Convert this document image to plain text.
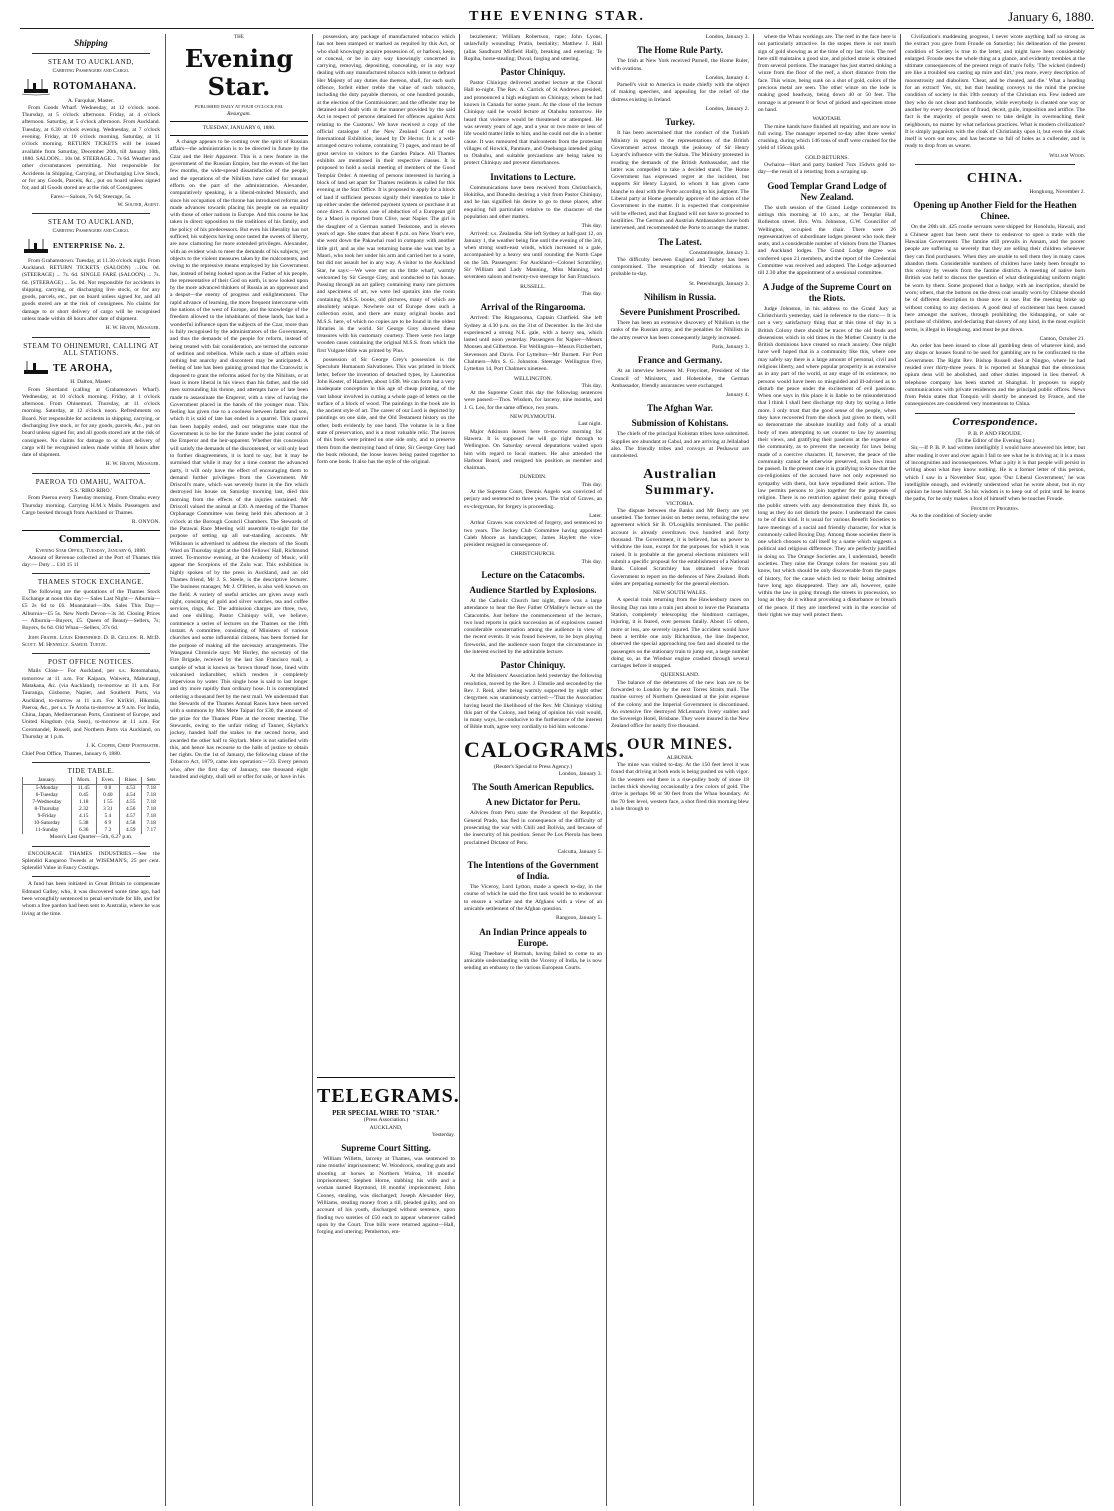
THE EVENING STAR.	January 6, 1880.
Shipping
STEAM TO AUCKLAND,
Carrying Passengers and Cargo.
ROTOMAHANA.
A. Farquhar, Master.

From Goods Wharf. Wednesday, at 12 o'clock noon. Thursday, at 5 o'clock afternoon. Friday, at 4 o'clock afternoon. Saturday, at 5 o'clock afternoon. From Auckland. Tuesday, at 6.30 o'clock evening. Wednesday, at 7 o'clock evening. Friday, at 10 o'clock morning. Saturday, at 11 o'clock morning. RETURN TICKETS will be issued available from Saturday, December 20th, till January 10th, 1880. SALOON... 10s 0d. STEERAGE... 7s 6d. Weather and other circumstances permitting. Not responsible for Accidents in Shipping, Carrying, or Discharging Live Stock, or for any Goods, Parcels, &c., put on board unless signed for, and all Goods stored are at the risk of Consignees.

Fares:—Saloon, 7s 6d; Steerage, 5s.
W. Souter, Agent.
STEAM TO AUCKLAND,
Carrying Passengers and Cargo.
ENTERPRISE No. 2.

From Grahamstown. Tuesday, at 11.30 o'clock night. From Auckland. RETURN TICKETS (SALOON) ...10s. 0d. (STEERAGE) ... 7s. 6d. SINGLE FARE (SALOON) ... 7s. 6d. (STEERAGE) ... 5s. 0d. Not responsible for accidents in shipping, carrying, or discharging live stock, or for any goods, parcels, etc., put on board unless signed for, and all goods stored are at the risk of consignees. No claims for damage to or short delivery of cargo will be recognised unless made within 48 hours after date of shipment.

H. W. Heath, Manager.
STEAM TO OHINEMURI, CALLING AT ALL STATIONS.
TE AROHA,
H. Dalton, Master.

From Shortland (calling at Grahamstown Wharf). Wednesday, at 10 o'clock morning. Friday, at 1 o'clock afternoon. From Ohinemuri. Thursday, at 11 o'clock morning. Saturday, at 12 o'clock noon. Refreshments on Board. Not responsible for accidents in shipping, carrying, or discharging live stock, or for any goods, parcels, &c., put on board unless signed for, and all goods stored are at the risk of consignees. No claims for damage to or short delivery of cargo will be recognised unless made within 48 hours after date of shipment.

H. W. Heath, Manager.
PAEROA TO OMAHU, WAITOA.
S.S. 'RIRO RIRO.'

From Paeroa every Tuesday morning. From Omahu every Thursday morning. Carrying H.M.'s Mails. Passengers and Cargo booked through from Auckland or Thames.

R. ONYON.
Commercial.
Evening Star Office, Tuesday, January 6, 1880.

Amount of Revenue collected at the Port of Thames this day:— Duty ... £10 15 11

THAMES STOCK EXCHANGE.

The following are the quotations of the Thames Stock Exchange at noon this day:— Sales Last Night— Alburnia—£5 2s 6d to £6. Moanataiari—30s. Sales This Day— Alburnia—£5 5s. New North Devon—3s 3d. Closing Prices— Alburnia—Buyers, £5. Queen of Beauty—Sellers, 7s; Buyers, 6s 6d. Old Whau—Sellers, 37s 6d.

John Frater. Louis Ehrenfried. D. B. Gellion. R. McD. Scott. M. Hennelly. Samuel Tuetze.

POST OFFICE NOTICES.

Mails Close— For Auckland, per s.s. Rotomahana, tomorrow at 11 a.m. For Kaipara, Waiwera, Mahurangi, Matakana, &c. (via Auckland), to-morrow at 11 a.m. For Tauranga, Gisborne, Napier, and Southern Ports, via Auckland, to-morrow at 11 a.m. For Kirikiri, Hikutaia, Paeroa, &c., per s.s. Te Aroha to-morrow at 9 a.m. For India, China, Japan, Mediterranean Ports, Continent of Europe, and United Kingdom (via Suez), to-morrow at 11 a.m. For Coromandel, Russell, and Northern Ports via Auckland, on Thursday at 1 p.m.

J. K. Cooper, Chief Postmaster.
Chief Post Office, Thames, January 6, 1880.
TIDE TABLE.
January.	Morn.	Even.	Rises	Sets
5-Monday	11.45	0 8	4.53	7.18
6-Tuesday	0.45	0 40	4.54	7.18
7-Wednesday	1.18	1 55	4.55	7.18
8-Thursday	2.32	3 31	4.56	7.18
9-Friday	4.15	5 4	4.57	7.18
10-Saturday	5.38	6 9	4.58	7.18
11-Sunday	6.36	7 2	4.59	7.17
Moon's Last Quarter—5th, 6.27 p.m.

ENCOURAGE THAMES INDUSTRIES.—See the Splendid Kangaroo Tweeds at WISEMAN'S, 25 per cent. Splendid Value in Fancy Costings.

A fund has been initiated in Great Britain to compensate Edmund Galley, who, it was discovered some time ago, had been wrongfully sentenced to penal servitude for life, and for whom a free pardon had been sent to Australia, where he was living at the time.

THE
Evening Star.
PUBLISHED DAILY AT FOUR O'CLOCK P.M.
Resurgam.
TUESDAY, JANUARY 6, 1880.

A change appears to be coming over the spirit of Russian affairs—the administration is to be directed in future by the Czar and the Heir Apparent. This is a new feature in the government of the Russian Empire, but the events of the last few months, the wide-spread dissatisfaction of the people, and the operations of the Nihilists have called for unusual efforts on the part of the administration. Alexander, comparatively speaking, is a liberal-minded Monarch, and since his occupation of the throne has introduced reforms and made advances towards placing his people on an equality with those of other nations in Europe. And this course he has taken in direct opposition to the traditions of his family, and the policy of his predecessors. But even his liberality has not sufficed; his subjects having once tasted the sweets of liberty, are now clamoring for more extended privileges. Alexander, with an evident wish to meet the demands of his subjects, yet objects to the violent measures taken by the malcontents, and owing to the repressive means employed by his Government has, instead of being looked upon as the Father of his people, the representative of their God on earth, is now looked upon by the more advanced thinkers of Russia as an oppressor and a despot—the enemy of progress and enlightenment. The rapid advance of learning, the more frequent intercourse with the nations of the west of Europe, and the knowledge of the freedom allowed to the inhabitants of these lands, has had a wonderful influence upon the subjects of the Czar, more than is fully recognised by the administrators of the Government, and thus the demands of the people for reform, instead of being treated with fair consideration, are termed the outcome of sedition and rebellion. While such a state of affairs exist nothing but anarchy and discontent may be anticipated. A feeling of late has been gaining ground that the Czarowitz is disposed to grant the reforms asked for by the Nihilists, or at least is more liberal in his views than his father, and the old men surrounding his throne, and attempts have of late been made to assassinate the Emperor, with a view of having the Government placed in the hands of the younger man. This feeling has given rise to a coolness between father and son, which it is said of late has ended in a quarrel. This quarrel has been happily ended, and our telegrams state that the Government is to be for the future under the joint control of the Emperor and the heir-apparent. Whether this concession will satisfy the demands of the discontented, or will only lead to further disagreements, it is hard to say, but it may be surmised that while it may for a time content the advanced party, it will only have the effect of encouraging them to demand further privileges from the Government. Mr Driscoll's mare, which was severely burnt in the fire which destroyed his house on Saturday morning last, died this morning from the effects of the injuries sustained. Mr Driscoll valued the animal at £30. A meeting of the Thames Orphanage Committee was being held this afternoon at 3 o'clock at the Borough Council Chambers. The Stewards of the Parawai Race Meeting will assemble to-night for the purpose of setting up all out-standing accounts. Mr Wilkinson is advertised to address the electors of the South Ward on Thursday night at the Odd Fellows' Hall, Richmond street. To-morrow evening, at the Academy of Music, will appear the Scorpions of the Zulu war. This exhibition is highly spoken of by the press in Auckland, and an old Thames friend, Mr J. S. Steele, is the descriptive lecturer. The business manager, Mr J. O'Brien, is also well known on the field. A variety of useful articles are given away each night, consisting of gold and silver watches, tea and coffee services, rings, &c. The admission charges are three, two, and one shilling. Pastor Chiniquy will, we believe, commence a series of lectures on the Thames on the 18th instant. A committee, consisting of Ministers of various churches and some influential citizens, has been formed for the purpose of making all the necessary arrangements. The Wanganui Chronicle says: Mr Hurley, the secretary of the Fire Brigade, received by the last San Francisco mail, a sample of what is known as 'brown thread' hose, lined with vulcanised indiarubber, which renders it completely impervious by water. This single hose is said to last longer and dry more rapidly than ordinary hose. It is contemplated ordering a thousand feet by the next mail. We understand that the Stewards of the Thames Annual Races have been served with a summons by Mrs Mere Taipari for £30, the amount of the prize for the Thames Plate at the recent meeting. The Stewards, owing to the unfair riding of Tanner, Skylark's jockey, handed half the stakes to the second horse, and awarded the other half to Skylark. Mere is not satisfied with this, and hence has recourse to the halls of justice to obtain her rights. On the 1st of January, the following clause of the Tobacco Act, 1879, came into operation:—'23. Every person who, after the first day of January, one thousand eight hundred and eighty, shall sell or offer for sale, or have in his

possession, any package of manufactured tobacco which has not been stamped or marked as required by this Act, or who shall knowingly acquire possession of, or harbour, keep, or conceal, or be in any way knowingly concerned in carrying, removing, depositing, concealing, or in any way dealing with any manufactured tobacco with intent to defraud Her Majesty of any duties due thereon, shall, for each such offence, forfeit either treble the value of such tobacco, including the duty payable thereon, or one hundred pounds, at the election of the Commissioner; and the offender may be detained and dealt with in the manner provided by the said Act in respect of persons detained for offences against Acts relating to the Customs.' We have received a copy of the official catalogue of the New Zealand Court of the International Exhibition, issued by Dr Hector. It is a well-arranged octavo volume, containing 71 pages, and must be of great service to visitors to the Garden Palace. All Thames exhibits are mentioned in their respective classes. It is proposed to hold a social meeting of members of the Good Templar Order. A meeting of persons interested in having a block of land set apart for Thames residents is called for this evening at the Star Office. It is proposed to apply for a block of land if sufficient persons signify their intention to take it up either under the deferred payment system or purchase it at once direct. A curious case of abduction of a European girl by a Maori is reported from Clive, near Napier. The girl is the daughter of a German named Teskstone, and is eleven years of age. She states that about 8 p.m. on New Year's eve, she went down the Pakawhai road in company with another little girl, and as she was returning home she was met by a Maori, who took her under his arm and carried her to a ware, but did not assault her in any way. A visitor to the Auckland Star, he says:—We were met on the little wharf, warmly welcomed by Sir George Grey, and conducted to his house. Passing through an art gallery containing many rare pictures and specimens of art, we were led upstairs into the room containing M.S.S. books, old pictures, many of which are absolutely unique. Nowhere out of Europe does such a collection exist, and there are many original books and M.S.S. here, of which no copies are to be found in the oldest libraries in the world. Sir George Grey showed these treasures with his customary courtesy. There were two large wooden cases containing the original M.S.S. from which the first Vulgate bible was printed by Pius.

possession of Sir George Grey's possession is the Speculum Humanum Salvationes. This was printed in block letter, before the invention of detached types, by Laurentius John Koster, of Haarlem, about 1438. We can form but a very inadequate conception in this age of cheap printing, of the vast labour involved in cutting a whole page of letters on the surface of a block of wood. The paintings in the book are in the ancient style of art. The career of our Lord is depicted by paintings on one side, and the Old Testament history on the other, both evidently by one hand. The volume is in a fine state of preservation, and is a most valuable relic. The leaves of this book were printed on one side only, and to preserve them from the destroying hand of time, Sir George Grey had the book rebound, the loose leaves being pasted together to form one book. It also has the style of the original.

bezzlement; William Robertson, rape; John Lyons, unlawfully wounding; Pratin, bestiality; Matthew J. Hall (alias Sandhurst Mirfield Hall), breaking and entering; Te Ropiha, horse-stealing; Duval, forging and uttering.

Pastor Chiniquy.

Pastor Chiniquy delivered another lecture at the Choral Hall to-night. The Rev. A. Carrick of St Andrews presided, and pronounced a high eulogium on Chiniquy, whom he had known in Canada for some years. At the close of the lecture Chiniquy said he would lecture at Otahuhu tomorrow. He heard that violence would be threatened or attempted. He was seventy years of age, and a year or two more or less of life would matter little to him, and he could not die in a better cause. It was rumoured that malcontents from the protestant villages of Howick, Panmure, and Onehunga intended going to Otahuhu, and suitable precautions are being taken to protect Chiniquy and prevent disturbances.

Invitations to Lecture.

Communications have been received from Christchurch, Hokitika, and Dunedin desiring a visit from Pastor Chiniquy, and he has signified his desire to go to these places, after enquiring full particulars relative to the character of the population and other matters.

This day.

Arrived: s.s. Zealandia. She left Sydney at half-past 12, on January 1, the weather being fine until the evening of the 3rd, when strong south-east winds, which increased to a gale, accompanied by a heavy sea until rounding the North Cape on the 5th. Passengers: For Auckland—Colonel Scratchley, Sir William and Lady Manning, Miss Manning, and seventeen saloon and twenty-two steerage for San Francisco.

RUSSELL.
This day.
Arrival of the Ringarooma.

Arrived: The Ringarooma, Captain Chatfield. She left Sydney at 4.30 p.m. on the 31st of December. In the 3rd she experienced a strong N.E. gale, with a heavy sea, which lasted until noon yesterday. Passengers for Napier—Messrs Monsen and Gilbertson. For Wellington—Messrs Fitzherbert, Stevenson and Davis. For Lyttelton—Mr Burnett. For Port Chalmers—Mrs S. G. Johnston. Steerage: Wellington five, Lyttelton 14, Port Chalmers nineteen.

WELLINGTON.
This day.

At the Supreme Court this day the following sentences were passed:—Thos. Wisdom, for larceny, nine months, and J. G. Leo, for the same offence, two years.

NEW PLYMOUTH.
Last night.

Major Atkinson leaves here to-morrow morning for Hawera. It is supposed he will go right through to Wellington. On Saturday several deputations waited upon him with regard to local matters. He also attended the Harbour Board, and resigned his position as member and chairman.

DUNEDIN.
This day.

At the Supreme Court, Dennis Angelo was convicted of perjury and sentenced to three years. The trial of Graves, an ex-clergyman, for forgery is proceeding.

Later.

Arthur Graves was convicted of forgery, and sentenced to two years. The Jockey Club Committee having appointed Caleb Moore as handicapper, James Haylett the vice-president resigned in consequence of.

CHRISTCHURCH.
This day.
Lecture on the Catacombs.
Audience Startled by Explosions.

At the Catholic Church last night, there was a large attendance to hear the Rev Father O'Malley's lecture on the Catacombs. Just before the commencement of the lecture, two loud reports in quick succession as of explosives caused considerable consternation among the audience in view of the recent events. It was found however, to be boys playing fireworks, and the audience soon forgot the circumstance in the interest excited by the admirable lecture.

Pastor Chiniquy.

At the Ministers' Association held yesterday the following resolution, moved by the Rev. J. Elmslie and seconded by the Rev. J. Reid, after being warmly supported by eight other clergymen was unanimously carried:—'That the Association having heard the likelihood of the Rev. Mr Chiniquy visiting this part of the Colony, and being of opinion his visit would, in many ways, be conducive to the furtherance of the interest of Bible truth, agree very cordially to bid him welcome.'

CALOGRAMS.
(Reuter's Special to Press Agency.)
London, January 3.
The South American Republics.
A new Dictator for Peru.

Advices from Peru state the President of the Republic, General Prado, has fled in consequence of the difficulty of prosecuting the war with Chili and Bolivia, and because of the insecurity of his position. Senor Pe Los Pierola has been proclaimed Dictator of Peru.

Calcutta, January 5.
The Intentions of the Government of India.

The Viceroy, Lord Lytton, made a speech to-day, in the course of which he said the first task would be to endeavour to ensure a warfare and the Afghans with a view of an amicable settlement of the Afghan question.

Rangoon, January 5.
An Indian Prince appeals to Europe.

King Theebaw of Burmah, having failed to come to an amicable understanding with the Viceroy of India, he is now sending an embassy to the various European Courts.

TELEGRAMS.
PER SPECIAL WIRE TO "STAR."
(Press Association.)
AUCKLAND,
Yesterday.
Supreme Court Sitting.

William Willetts, larceny at Thames, was sentenced to nine months' imprisonment; W. Woodcock, stealing gum and shooting at horses at Northern Wairoa, 18 months' imprisonment; Stephen Horne, stabbing his wife and a woman named Raymond, 18 months' imprisonment; John Cooney, stealing, was discharged; Joseph Alexander Hey, Williams, stealing money from a till, pleaded guilty, and on account of his youth, discharged without sentence, upon finding two sureties of £50 each to appear whenever called upon by the Court. True bills were returned against—Hall, forging and uttering; Pemberton, em-

London, January 3.
The Home Rule Party.

The Irish at New York received Parnell, the Home Ruler, with ovations.

London, January 4.

Parnell's visit to America is made chiefly with the object of making speeches, and appealing for the relief of the distress existing in Ireland.

London, January 2.
Turkey.

It has been ascertained that the conduct of the Turkish Ministry in regard to the representations of the British Government across through the jealousy of Sir Henry Layard's influence with the Sultan. The Ministry protested in evading the demands of the British Ambassador, and the latter was compelled to take a decided stand. The Home Government has expressed regret at the incident, but supports Sir Henry Layard, to whom it has given carte blanche to deal with the Porte according to his judgment. The Liberal party at Home generally approve of the action of the Government in the matter. It is expected that compromise will be effected, and that England will not have to proceed to hostilities. The German and Austrian Ambassadors have both intervened, and recommended the Porte to arrange the matter.

The Latest.
Constantinople, January 3.

The difficulty between England and Turkey has been compromised. The resumption of friendly relations is probable to-day.

St. Petersburgh, January 3.
Nihilism in Russia.
Severe Punishment Proscribed.

There has been an extensive discovery of Nihilism in the ranks of the Russian army, and the penalties for Nihilists in the army reserve has been consequently largely increased.

Paris, January 3.
France and Germany.

At an interview between M. Freycinet, President of the Council of Ministers, and Hohenlohe, the German Ambassador, friendly assurances were exchanged.

January 4.
The Afghan War.
Submission of Kohistans.

The chiefs of the principal Kohistan tribes have submitted. Supplies are abundant at Cabul, and are arriving at Jellalabad also. The friendly tribes and convoys at Peshawur are unmolested.

Australian Summary.
VICTORIA.

The dispute between the Banks and Mr Berry are yet unsettled. The former insist on better terms, refusing the new agreement which Sir B. O'Loughlin terminated. The public account is already overdrawn two hundred and forty thousand. The Government, it is believed, has no power to withdraw the loan, except for the purposes for which it was raised. It is probable at the general elections ministers will submit a specific proposal for the establishment of a National Bank. Colonel Scratchley has obtained leave from Government to report on the defences of New Zealand. Both sides are preparing earnestly for the general election.

NEW SOUTH WALES.

A special train returning from the Hawkesbury races on Boxing Day ran into a train just about to leave the Paramatta Station, completely telescoping the hindmost carriages, injuring, it is feared, over persons fatally. About 15 others, more or less, are severely injured. The accident would have been a terrible one only Richardson, the line Inspector, observed the special approaching too fast and shouted to the passengers on the stationary train to jump out, a large number doing so, as the Windsor engine crashed through several carriages before it stopped.

QUEENSLAND.

The balance of the debentures of the new loan are to be forwarded to London by the next Torres Straits mail. The marine survey of Northern Queensland at the joint expense of the colony and the Imperial Government is discontinued. An extensive fire destroyed McLennan's livery stables and the Sovereign Hotel, Brisbane. They were insured in the New Zealand office for nearly five thousand.

OUR MINES.
ALBUNIA.

The mine was visited to-day. At the 150 feet level it was found that driving at both ends is being pushed on with vigor. In the western end there is a rise-pulley body of stone 18 inches thick showing occasionally a few colors of gold. The drive is perhaps 90 or 90 feet from the Whau boundary. At the 70 feet level, western face, a shot fired this morning blew a hole through to

where the Whau workings are. The reef in the face here is not particularly attractive. In the stopes there is not much sign of gold showing as at the time of my last visit. The reef here still maintains a good size, and picked stone is obtained from several portions. The manager has just started sinking a winze from the floor of the reef, a short distance from the face. This winze, being sunk on a shot of gold, colors of the precious metal are seen. The other winze on the lode is making good headway, being down 40 or 50 feet. The tonnage is at present 8 or 9cwt of picked and specimen stone on hand.

WAIOTAHI.

The mine hands have finished all repairing, and are now in full swing. The manager reported to-day after three weeks' crushing, during which 146 tons of stuff were crushed for the yield of 156ozs gold.

GOLD RETURNS.

Owharoa—Hart and party banked 7ozs 15dwts gold to-day—the result of a retorting from a scraping up.

Good Templar Grand Lodge of New Zealand.

The sixth session of the Grand Lodge commenced its sittings this morning at 10 a.m., at the Templar Hall, Rolleston street. Bro. Wm. Johnston, G.W. Councillor of Wellington, occupied the chair. There were 26 representatives of subordinate lodges present who took their seats, and a considerable number of visitors from the Thames and Auckland lodges. The Grand Lodge degree was conferred upon 21 members, and the report of the Credential Committee was received and adopted. The Lodge adjourned till 2.30 after the appointment of a sessional committee.

A Judge of the Supreme Court on the Riots.

Judge Johnston, in his address to the Grand Jury at Christchurch yesterday, said in reference to the riots:— It is not a very satisfactory thing that at this time of day in a British Colony there should be traces of the old feuds and dissensions which in old times in the Mother Country in the British dominions have created so much anxiety. One might have well hoped that in a community like this, where one may safely say there is a large amount of personal, civil and religious liberty, and where popular prosperity is as extensive as in any part of the world, at any stage of its existence, no persons would have been so misguided and ill-advised as to disturb the peace under the excitement of evil passions. When one says in this place it is liable to be misunderstood that I think I shall best discharge my duty by saying a little more. I only trust that the good sense of the people, when they have recovered from the shock just given to them, will so demonstrate the absolute inutility and folly of a small body of men attempting to set counter to law by asserting their views, and gratifying their passions at the expense of the community, as to prevent the necessity for laws being made of a coercive character. If, however, the peace of the community cannot be otherwise preserved, such laws must be passed. In the present case it is gratifying to know that the co-religionists of the accused have not only expressed no sympathy with them, but have repudiated their action. The law permits persons to join together for the purposes of religion. There is no restriction against their going through the public streets with any demonstration they think fit, so long as they do not disturb the peace. I understand the cases to be of this kind. It is usual for various Benefit Societies to have meetings of a social and friendly character, for what is commonly called Boxing Day. Among those societies there is one which chooses to call itself by a name which suggests a political and religious difference. They are perfectly justified in doing so. The Orange Societies are, I understand, benefit societies. They raise the Orange colors for reasons you all know, but which should be only discoverable from the pages of history, for the cause which led to their being admitted have long ago disappeared. They are all, however, quite within the law in going through the streets in procession, so long as they do it without provoking a disturbance or breach of the peace. If they are interfered with in the exercise of their rights we may well protect them.

Civilization's maddening progress, I never wrote anything half so strong as the extract you gave from Froude on Saturday; his delineation of the present condition of Society is true to the letter, and might have been considerably enlarged. Froude sees the whole thing at a glance, and evidently trembles at the ultimate consequences of the present reign of man's folly. 'The wicked (indeed) are like a troubled sea casting up mire and dirt,' yea more, every description of moonstrosity and diabolism. 'Cheat, and be cheated, and die.' What a heading for an extract! Yes, sir, but that heading conveys to the mind the precise condition of society in this 19th century of the Christian era. Few indeed are they who do not cheat and bamboozle, while everybody is cheated one way or another by every description of fraud, deceit, guile, imposition and artifice. The fact is the majority of people seem to take delight in overreaching their neighbours, no matter by what nefarious practices. What is modern civilization? It is simply paganism with the cloak of Christianity upon it, but even the cloak itself is worn out now, and has become so full of holes as a cullender, and is ready to drop from us wearer.

William Wood.
CHINA.
Hongkong, November 2.
Opening up Another Field for the Heathen Chinee.

On the 20th ult. 425 coolie servants were shipped for Honolulu, Hawaii, and a Chinese agent has been sent there to endeavor to open a trade with the Hawaiian Government. The famine still prevails in Annam, and the poorer people are suffering so severely that they are selling their children whenever they can find purchasers. When they are unable to sell them they in many cases abandon them. Considerable numbers of children have lately been brought to this colony by vessels from the famine districts. A meeting of native born British was held to discuss the question of what distinguishing uniform might be worn by them. Some proposed that a badge, with an inscription, should be worn; others, that the buttons on the dress coat usually worn by Chinese should be of different description to those now in use. But the meeting broke up without coming to any decision. A good deal of excitement has been caused here amongst the natives, through prohibiting the kidnapping, or sale or purchase of children, and declaring that slavery of any kind, in the most explicit terms, is illegal in Hongkong, and must be put down.

Canton, October 21.

An order has been issued to close all gambling dens of whatever kind, and any shops or houses found to be used for gambling are to be confiscated to the Government. The Right Rev. Bishop Russell died at Ningpo, where he had resided over thirty-three years. It is reported at Shanghai that the obnoxious opium dens will be abolished, and other duties imposed in lieu thereof. A telephone company has been started at Shanghai. It proposes to supply communications with private residences and the principal public offices. News from Pekin states that Tonquin will shortly be annexed by France, and the consequences are considered very momentous to China.

Correspondence.
P. B. P. AND FROUDE.
(To the Editor of the Evening Star.)

Sir,—If P. B. P. had written intelligibly I would have answered his letter, but after reading it over and over again I fail to see what he is driving at; it is a mass of incongruities and inconsequences. What a pity it is that people will persist in writing about what they know nothing. He is a former letter of this person, which I saw in a November Star, upon 'Our Liberal Government,' he was intelligible enough, and evidently understood what he wrote about, but in my opinion he loses himself. So his wisdom is to keep out of print until he learns the paths, for he only makes a fool of himself when he touches Froude.

Froude on Progress.

As to the condition of Society under
